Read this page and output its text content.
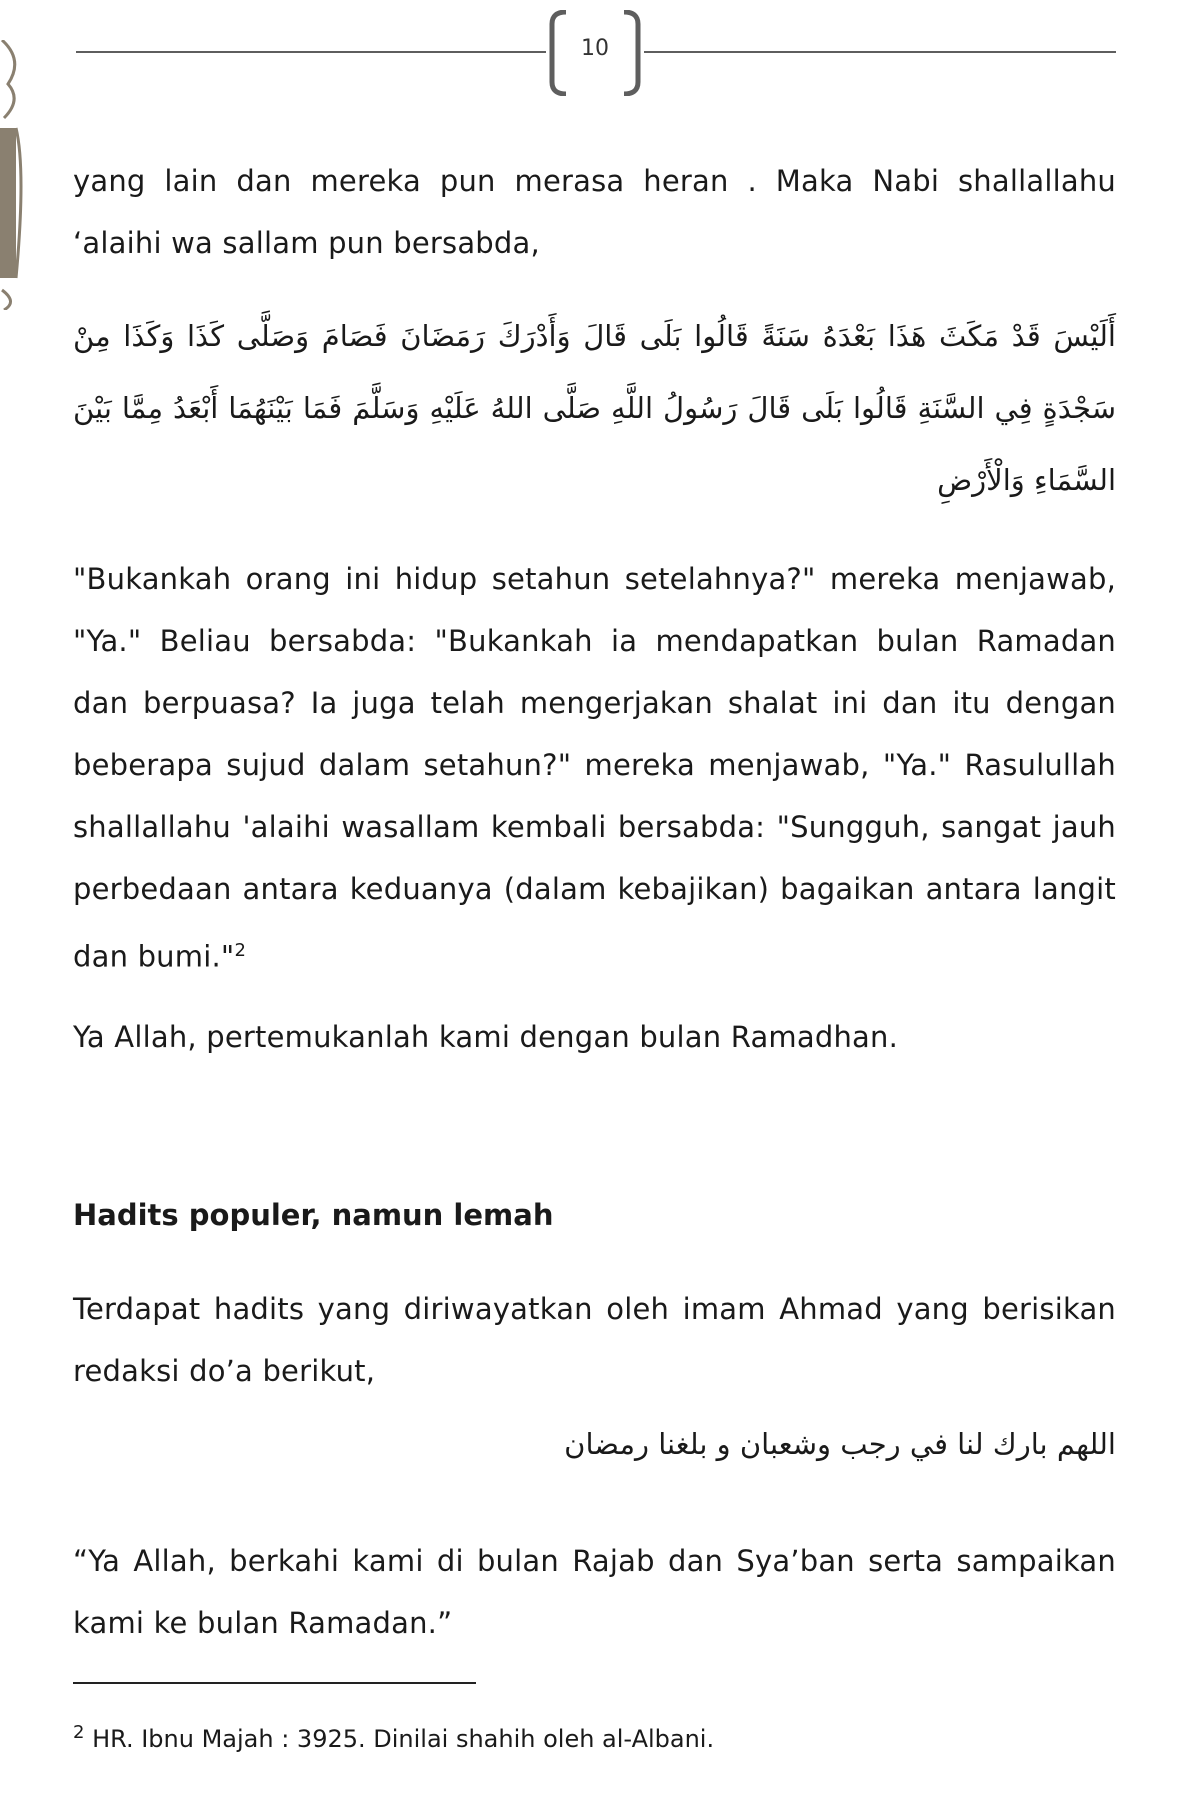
10
yang lain dan mereka pun merasa heran . Maka Nabi shallallahu ‘alaihi wa sallam pun bersabda,
أَلَيْسَ قَدْ مَكَثَ هَذَا بَعْدَهُ سَنَةً قَالُوا بَلَى قَالَ وَأَدْرَكَ رَمَضَانَ فَصَامَ وَصَلَّى كَذَا وَكَذَا مِنْ سَجْدَةٍ فِي السَّنَةِ قَالُوا بَلَى قَالَ رَسُولُ اللَّهِ صَلَّى اللهُ عَلَيْهِ وَسَلَّمَ فَمَا بَيْنَهُمَا أَبْعَدُ مِمَّا بَيْنَ السَّمَاءِ وَالْأَرْضِ
"Bukankah orang ini hidup setahun setelahnya?" mereka menjawab, "Ya." Beliau bersabda: "Bukankah ia mendapatkan bulan Ramadan dan berpuasa? Ia juga telah mengerjakan shalat ini dan itu dengan beberapa sujud dalam setahun?" mereka menjawab, "Ya." Rasulullah shallallahu 'alaihi wasallam kembali bersabda: "Sungguh, sangat jauh perbedaan antara keduanya (dalam kebajikan) bagaikan antara langit dan bumi."$^2$
Ya Allah, pertemukanlah kami dengan bulan Ramadhan.
Hadits populer, namun lemah
Terdapat hadits yang diriwayatkan oleh imam Ahmad yang berisikan redaksi do’a berikut,
اللهم بارك لنا في رجب وشعبان و بلغنا رمضان
“Ya Allah, berkahi kami di bulan Rajab dan Sya’ban serta sampaikan kami ke bulan Ramadan.”
$^2$ HR. Ibnu Majah : 3925. Dinilai shahih oleh al-Albani.
